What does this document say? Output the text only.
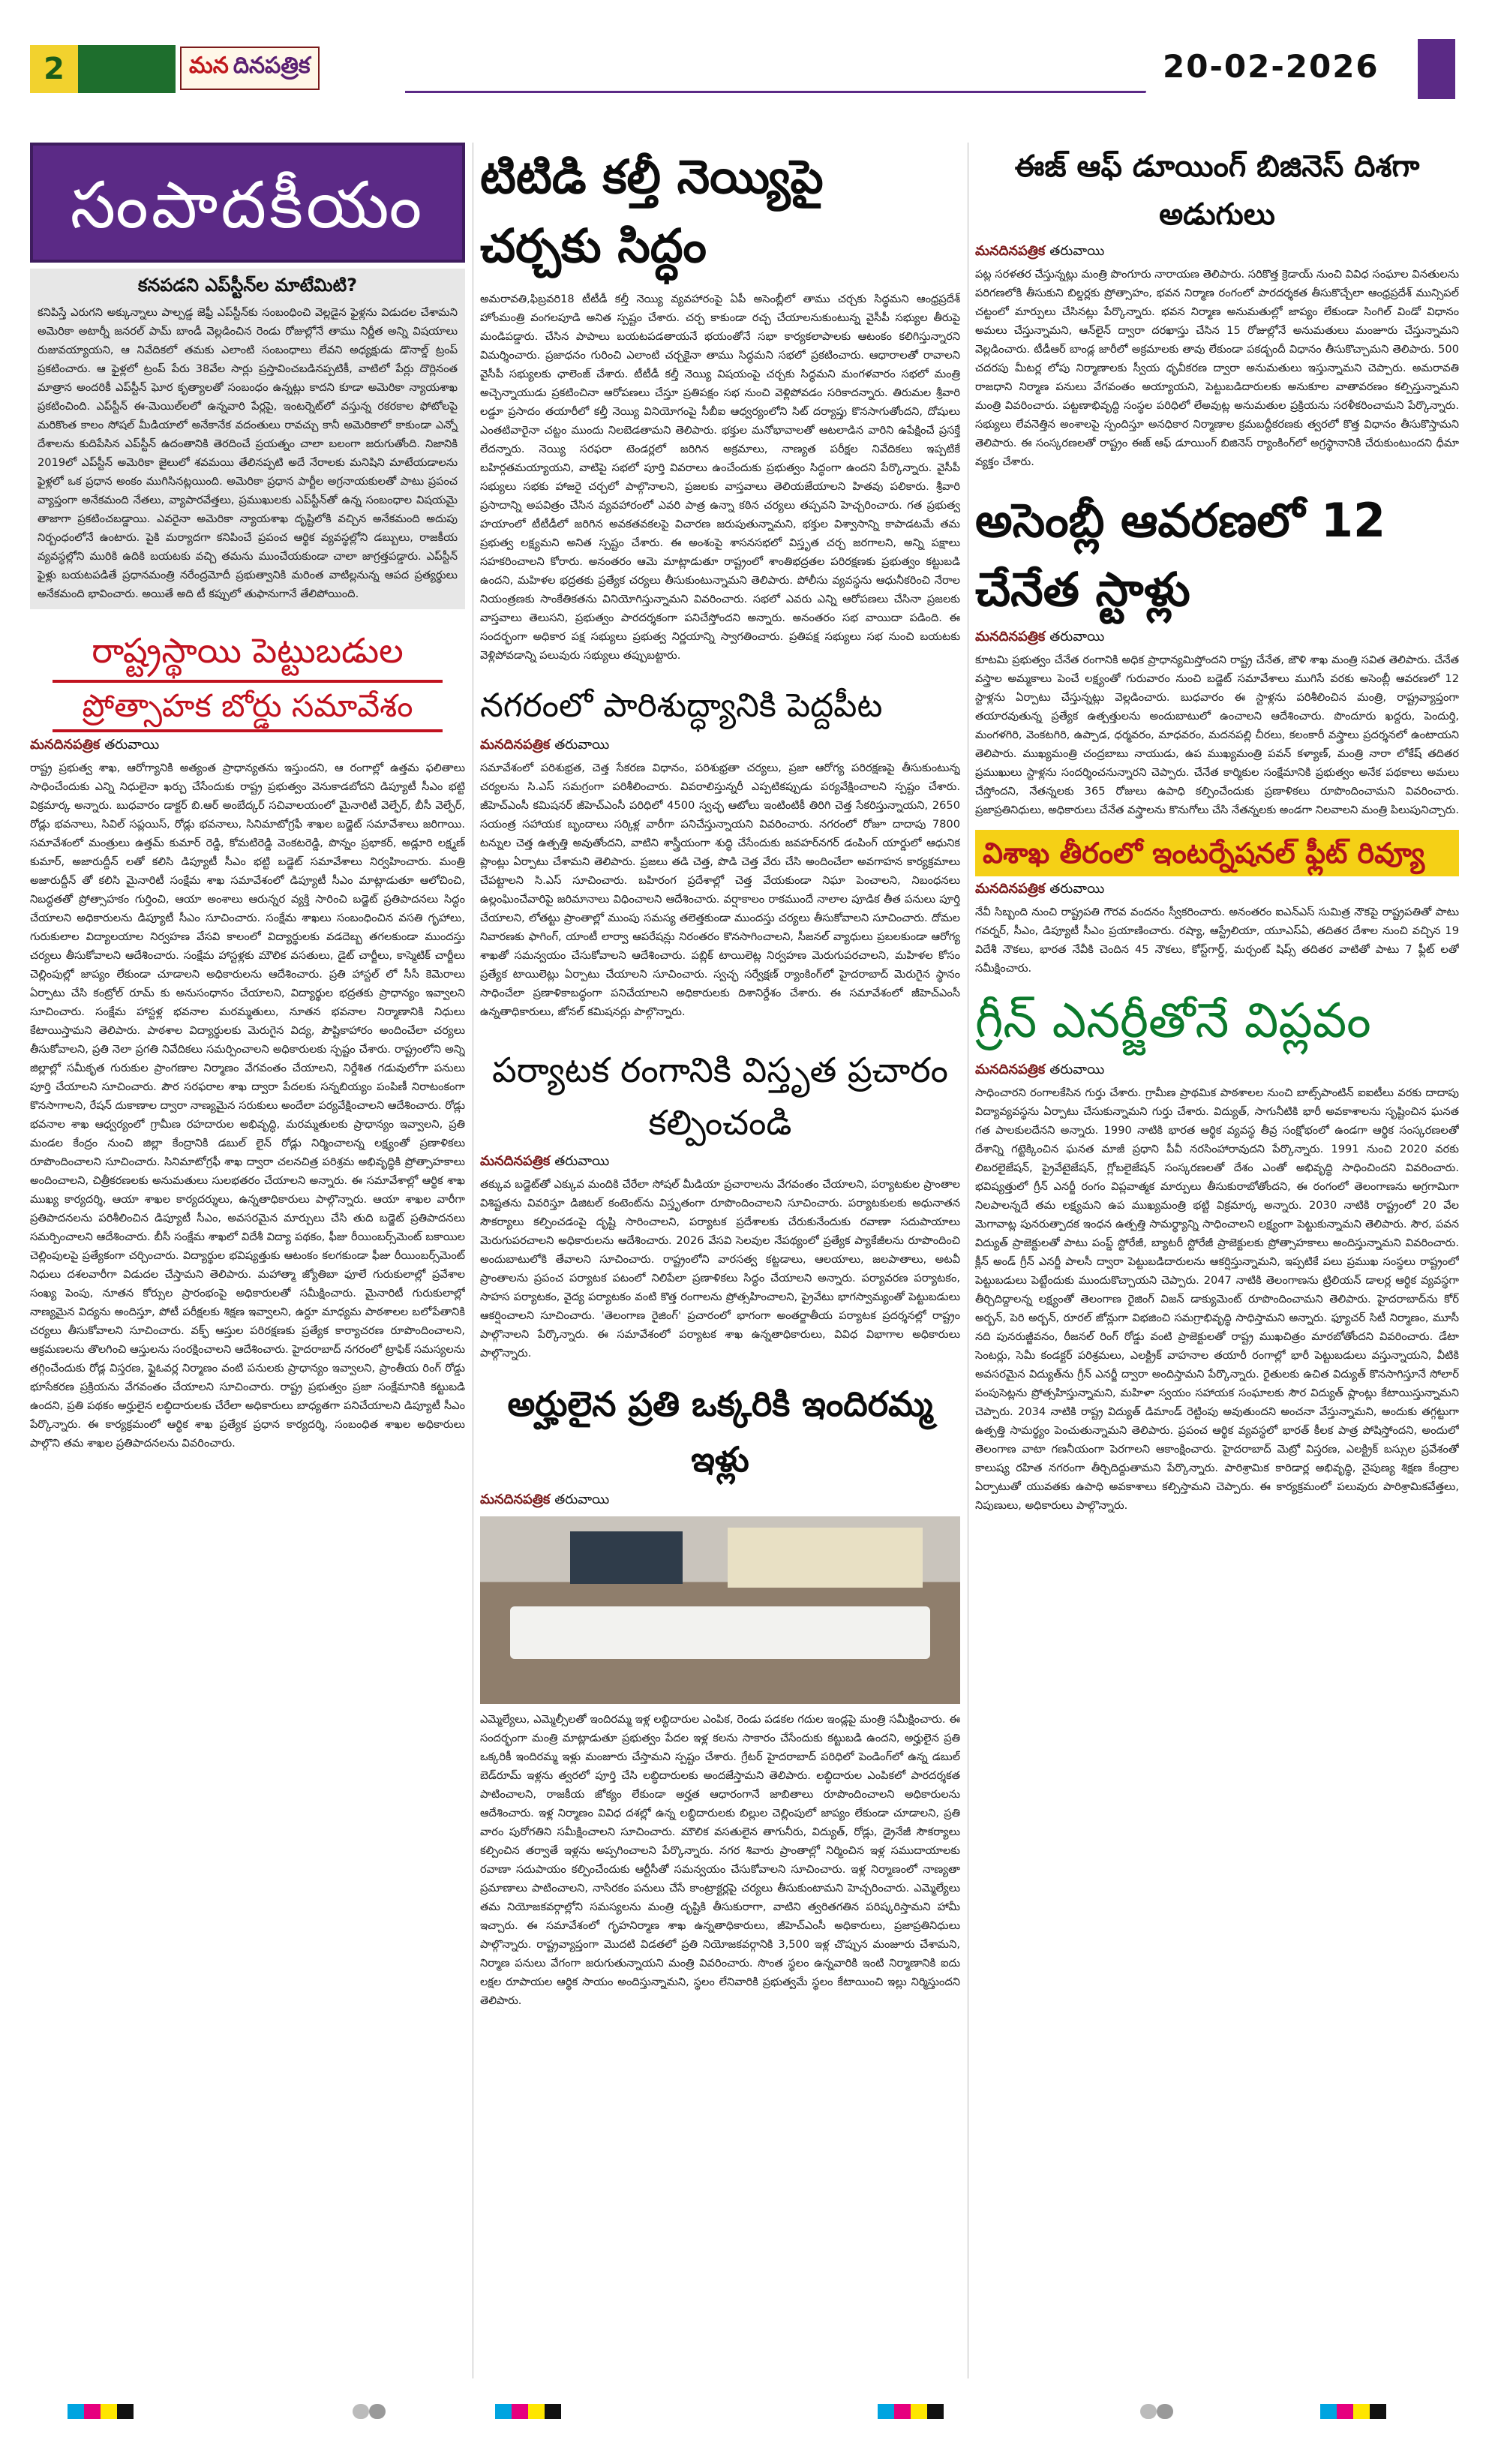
2	మన దినపత్రిక	20-02-2026
సంపాదకీయం
కనపడని ఎప్‌స్టీన్‌ల మాటేమిటి?

కనిపిస్తే ఎరుగని అక్కున్నాలు పాల్పడ్డ జెఫ్రీ ఎప్‌స్టీన్‌కు సంబంధించి వెల్లడైన ఫైళ్లను విడుదల చేశామని అమెరికా అటార్నీ జనరల్ పామ్ బాండీ వెల్లడించిన రెండు రోజుల్లోనే తాము నిర్ణీత అన్ని విషయాలు రుజువయ్యాయని, ఆ నివేదికలో తమకు ఎలాంటి సంబంధాలు లేవని అధ్యక్షుడు డొనాల్డ్ ట్రంప్ ప్రకటించారు. ఆ ఫైళ్లలో ట్రంప్ పేరు 38వేల సార్లు ప్రస్తావించబడినప్పటికీ, వాటిలో పేర్లు దొర్లినంత మాత్రాన అందరికీ ఎప్‌స్టీన్ ఘోర కృత్యాలతో సంబంధం ఉన్నట్లు కాదని కూడా అమెరికా న్యాయశాఖ ప్రకటించింది. ఎప్‌స్టీన్ ఈ-మెయిల్‌లలో ఉన్నవారి పేర్లపై, ఇంటర్నెట్‌లో వస్తున్న రకరకాల ఫోటోలపై మరికొంత కాలం సోషల్ మీడియాలో అనేకానేక వదంతులు రావచ్చు కానీ అమెరికాలో కాకుండా ఎన్నో దేశాలను కుదిపేసిన ఎప్‌స్టీన్ ఉదంతానికి తెరదించే ప్రయత్నం చాలా బలంగా జరుగుతోంది. నిజానికి 2019లో ఎప్‌స్టీన్ అమెరికా జైలులో శవమయి తేలినప్పటి అదే నేరాలకు మనిషిని మాటేయడాలను ఫైళ్లలో ఒక ప్రధాన అంకం ముగిసినట్లయింది. అమెరికా ప్రధాన పార్టీల అగ్రనాయకులతో పాటు ప్రపంచ వ్యాప్తంగా అనేకమంది నేతలు, వ్యాపారవేత్తలు, ప్రముఖులకు ఎప్‌స్టీన్‌తో ఉన్న సంబంధాల విషయమై తాజాగా ప్రకటించబడ్డాయి. ఎవరైనా అమెరికా న్యాయశాఖ దృష్టిలోకి వచ్చిన అనేకమంది అదుపు నిర్బంధంలోనే ఉంటారు. పైకి మర్యాదగా కనిపించే ప్రపంచ ఆర్థిక వ్యవస్థల్లోని డబ్బులు, రాజకీయ వ్యవస్థల్లోని మురికి ఉదికి బయటకు వచ్చి తమను ముంచేయకుండా చాలా జాగ్రత్తపడ్డారు. ఎప్‌స్టీన్ ఫైళ్లు బయటపడితే ప్రధానమంత్రి నరేంద్రమోదీ ప్రభుత్వానికి మరింత వాటిల్లనున్న ఆపద ప్రత్యర్థులు అనేకమంది భావించారు. అయితే అది టీ కప్పులో తుఫానుగానే తేలిపోయింది.

రాష్ట్రస్థాయి పెట్టుబడుల
ప్రోత్సాహక బోర్డు సమావేశం
మనదినపత్రిక తరువాయి

రాష్ట్ర ప్రభుత్వ శాఖ, ఆరోగ్యానికి అత్యంత ప్రాధాన్యతను ఇస్తుందని, ఆ రంగాల్లో ఉత్తమ ఫలితాలు సాధించేందుకు ఎన్ని నిధులైనా ఖర్చు చేసేందుకు రాష్ట్ర ప్రభుత్వం వెనుకాడబోదని డిప్యూటీ సీఎం భట్టి విక్రమార్క అన్నారు. బుధవారం డాక్టర్ బి.ఆర్ అంబేద్కర్ సచివాలయంలో మైనారిటీ వెల్ఫేర్, బీసీ వెల్ఫేర్, రోడ్లు భవనాలు, సివిల్ సప్లయిస్, రోడ్లు భవనాలు, సినిమాటోగ్రఫీ శాఖల బడ్జెట్ సమావేశాలు జరిగాయి. సమావేశంలో మంత్రులు ఉత్తమ్ కుమార్ రెడ్డి, కోమటిరెడ్డి వెంకటరెడ్డి, పొన్నం ప్రభాకర్, అడ్లూరి లక్ష్మణ్ కుమార్, అజారుద్దీన్ లతో కలిసి డిప్యూటీ సీఎం భట్టి బడ్జెట్ సమావేశాలు నిర్వహించారు. మంత్రి అజారుద్దీన్ తో కలిసి మైనారిటీ సంక్షేమ శాఖ సమావేశంలో డిప్యూటీ సీఎం మాట్లాడుతూ ఆలోచించి, నిబద్ధతతో ప్రోత్సాహకం గుర్తించి, ఆయా అంశాలు ఆరున్నర వ్యక్తి సారించి బడ్జెట్ ప్రతిపాదనలు సిద్ధం చేయాలని అధికారులను డిప్యూటీ సీఎం సూచించారు. సంక్షేమ శాఖలు సంబంధించిన వసతి గృహాలు, గురుకులాల విద్యాలయాల నిర్వహణ వేసవి కాలంలో విద్యార్థులకు వడదెబ్బ తగలకుండా ముందస్తు చర్యలు తీసుకోవాలని ఆదేశించారు. సంక్షేమ హాస్టళ్లకు మౌలిక వసతులు, డైట్ చార్జీలు, కాస్మెటిక్ చార్జీలు చెల్లింపుల్లో జాప్యం లేకుండా చూడాలని అధికారులను ఆదేశించారు. ప్రతి హాస్టల్ లో సీసీ కెమెరాలు ఏర్పాటు చేసి కంట్రోల్ రూమ్ కు అనుసంధానం చేయాలని, విద్యార్థుల భద్రతకు ప్రాధాన్యం ఇవ్వాలని సూచించారు. సంక్షేమ హాస్టళ్ల భవనాల మరమ్మతులు, నూతన భవనాల నిర్మాణానికి నిధులు కేటాయిస్తామని తెలిపారు. పాఠశాల విద్యార్థులకు మెరుగైన విద్య, పౌష్టికాహారం అందించేలా చర్యలు తీసుకోవాలని, ప్రతి నెలా ప్రగతి నివేదికలు సమర్పించాలని అధికారులకు స్పష్టం చేశారు. రాష్ట్రంలోని అన్ని జిల్లాల్లో సమీకృత గురుకుల ప్రాంగణాల నిర్మాణం వేగవంతం చేయాలని, నిర్దేశిత గడువులోగా పనులు పూర్తి చేయాలని సూచించారు. పౌర సరఫరాల శాఖ ద్వారా పేదలకు సన్నబియ్యం పంపిణీ నిరాటంకంగా కొనసాగాలని, రేషన్ దుకాణాల ద్వారా నాణ్యమైన సరుకులు అందేలా పర్యవేక్షించాలని ఆదేశించారు. రోడ్లు భవనాల శాఖ ఆధ్వర్యంలో గ్రామీణ రహదారుల అభివృద్ధి, మరమ్మతులకు ప్రాధాన్యం ఇవ్వాలని, ప్రతి మండల కేంద్రం నుంచి జిల్లా కేంద్రానికి డబుల్ లైన్ రోడ్లు నిర్మించాలన్న లక్ష్యంతో ప్రణాళికలు రూపొందించాలని సూచించారు. సినిమాటోగ్రఫీ శాఖ ద్వారా చలనచిత్ర పరిశ్రమ అభివృద్ధికి ప్రోత్సాహకాలు అందించాలని, చిత్రీకరణలకు అనుమతులు సులభతరం చేయాలని అన్నారు. ఈ సమావేశాల్లో ఆర్థిక శాఖ ముఖ్య కార్యదర్శి, ఆయా శాఖల కార్యదర్శులు, ఉన్నతాధికారులు పాల్గొన్నారు. ఆయా శాఖల వారీగా ప్రతిపాదనలను పరిశీలించిన డిప్యూటీ సీఎం, అవసరమైన మార్పులు చేసి తుది బడ్జెట్ ప్రతిపాదనలు సమర్పించాలని ఆదేశించారు. బీసీ సంక్షేమ శాఖలో విదేశీ విద్యా పథకం, ఫీజు రీయింబర్స్‌మెంట్ బకాయిల చెల్లింపులపై ప్రత్యేకంగా చర్చించారు. విద్యార్థుల భవిష్యత్తుకు ఆటంకం కలగకుండా ఫీజు రీయింబర్స్‌మెంట్ నిధులు దశలవారీగా విడుదల చేస్తామని తెలిపారు. మహాత్మా జ్యోతిబా ఫూలే గురుకులాల్లో ప్రవేశాల సంఖ్య పెంపు, నూతన కోర్సుల ప్రారంభంపై అధికారులతో సమీక్షించారు. మైనారిటీ గురుకులాల్లో నాణ్యమైన విద్యను అందిస్తూ, పోటీ పరీక్షలకు శిక్షణ ఇవ్వాలని, ఉర్దూ మాధ్యమ పాఠశాలల బలోపేతానికి చర్యలు తీసుకోవాలని సూచించారు. వక్ఫ్ ఆస్తుల పరిరక్షణకు ప్రత్యేక కార్యాచరణ రూపొందించాలని, ఆక్రమణలను తొలగించి ఆస్తులను సంరక్షించాలని ఆదేశించారు. హైదరాబాద్ నగరంలో ట్రాఫిక్ సమస్యలను తగ్గించేందుకు రోడ్ల విస్తరణ, ఫ్లైఓవర్ల నిర్మాణం వంటి పనులకు ప్రాధాన్యం ఇవ్వాలని, ప్రాంతీయ రింగ్ రోడ్డు భూసేకరణ ప్రక్రియను వేగవంతం చేయాలని సూచించారు. రాష్ట్ర ప్రభుత్వం ప్రజా సంక్షేమానికి కట్టుబడి ఉందని, ప్రతి పథకం అర్హులైన లబ్ధిదారులకు చేరేలా అధికారులు బాధ్యతగా పనిచేయాలని డిప్యూటీ సీఎం పేర్కొన్నారు. ఈ కార్యక్రమంలో ఆర్థిక శాఖ ప్రత్యేక ప్రధాన కార్యదర్శి, సంబంధిత శాఖల అధికారులు పాల్గొని తమ శాఖల ప్రతిపాదనలను వివరించారు.

టిటిడి కల్తీ నెయ్యిపై చర్చకు సిద్ధం

అమరావతి,ఫిబ్రవరి18 టీటీడీ కల్తీ నెయ్యి వ్యవహారంపై ఏపీ అసెంబ్లీలో తాము చర్చకు సిద్ధమని ఆంధ్రప్రదేశ్ హోంమంత్రి వంగలపూడి అనిత స్పష్టం చేశారు. చర్చ కాకుండా రచ్చ చేయాలనుకుంటున్న వైసీపీ సభ్యుల తీరుపై మండిపడ్డారు. చేసిన పాపాలు బయటపడతాయనే భయంతోనే సభా కార్యకలాపాలకు ఆటంకం కలిగిస్తున్నారని విమర్శించారు. ప్రజాధనం గురించి ఎలాంటి చర్చకైనా తాము సిద్ధమని సభలో ప్రకటించారు. ఆధారాలతో రావాలని వైసీపీ సభ్యులకు ఛాలెంజ్ చేశారు. టీటీడీ కల్తీ నెయ్యి విషయంపై చర్చకు సిద్ధమని మంగళవారం సభలో మంత్రి అచ్చెన్నాయుడు ప్రకటించినా ఆరోపణలు చేస్తూ ప్రతిపక్షం సభ నుంచి వెళ్లిపోవడం సరికాదన్నారు. తిరుమల శ్రీవారి లడ్డూ ప్రసాదం తయారీలో కల్తీ నెయ్యి వినియోగంపై సీబీఐ ఆధ్వర్యంలోని సిట్ దర్యాప్తు కొనసాగుతోందని, దోషులు ఎంతటివారైనా చట్టం ముందు నిలబెడతామని తెలిపారు. భక్తుల మనోభావాలతో ఆటలాడిన వారిని ఉపేక్షించే ప్రసక్తే లేదన్నారు. నెయ్యి సరఫరా టెండర్లలో జరిగిన అక్రమాలు, నాణ్యత పరీక్షల నివేదికలు ఇప్పటికే బహిర్గతమయ్యాయని, వాటిపై సభలో పూర్తి వివరాలు ఉంచేందుకు ప్రభుత్వం సిద్ధంగా ఉందని పేర్కొన్నారు. వైసీపీ సభ్యులు సభకు హాజరై చర్చలో పాల్గొనాలని, ప్రజలకు వాస్తవాలు తెలియజేయాలని హితవు పలికారు. శ్రీవారి ప్రసాదాన్ని అపవిత్రం చేసిన వ్యవహారంలో ఎవరి పాత్ర ఉన్నా కఠిన చర్యలు తప్పవని హెచ్చరించారు. గత ప్రభుత్వ హయాంలో టీటీడీలో జరిగిన అవకతవకలపై విచారణ జరుపుతున్నామని, భక్తుల విశ్వాసాన్ని కాపాడటమే తమ ప్రభుత్వ లక్ష్యమని అనిత స్పష్టం చేశారు. ఈ అంశంపై శాసనసభలో విస్తృత చర్చ జరగాలని, అన్ని పక్షాలు సహకరించాలని కోరారు. అనంతరం ఆమె మాట్లాడుతూ రాష్ట్రంలో శాంతిభద్రతల పరిరక్షణకు ప్రభుత్వం కట్టుబడి ఉందని, మహిళల భద్రతకు ప్రత్యేక చర్యలు తీసుకుంటున్నామని తెలిపారు. పోలీసు వ్యవస్థను ఆధునీకరించి నేరాల నియంత్రణకు సాంకేతికతను వినియోగిస్తున్నామని వివరించారు. సభలో ఎవరు ఎన్ని ఆరోపణలు చేసినా ప్రజలకు వాస్తవాలు తెలుసని, ప్రభుత్వం పారదర్శకంగా పనిచేస్తోందని అన్నారు. అనంతరం సభ వాయిదా పడింది. ఈ సందర్భంగా అధికార పక్ష సభ్యులు ప్రభుత్వ నిర్ణయాన్ని స్వాగతించారు. ప్రతిపక్ష సభ్యులు సభ నుంచి బయటకు వెళ్లిపోవడాన్ని పలువురు సభ్యులు తప్పుబట్టారు.

నగరంలో పారిశుద్ధ్యానికి పెద్దపీట
మనదినపత్రిక తరువాయి

సమావేశంలో పరిశుభ్రత, చెత్త సేకరణ విధానం, పరిశుభ్రతా చర్యలు, ప్రజా ఆరోగ్య పరిరక్షణపై తీసుకుంటున్న చర్యలను సి.ఎస్ సమగ్రంగా పరిశీలించారు. వివరాలిస్తున్నరీ ఎప్పటికప్పుడు పర్యవేక్షించాలని స్పష్టం చేశారు. జీహెచ్ఎంసీ కమిషనర్ జీహెచ్ఎంసీ పరిధిలో 4500 స్వచ్ఛ ఆటోలు ఇంటింటికీ తిరిగి చెత్త సేకరిస్తున్నాయని, 2650 సయంత్ర సహాయక బృందాలు సర్కిళ్ల వారీగా పనిచేస్తున్నాయని వివరించారు. నగరంలో రోజూ దాదాపు 7800 టన్నుల చెత్త ఉత్పత్తి అవుతోందని, వాటిని శాస్త్రీయంగా శుద్ధి చేసేందుకు జవహర్‌నగర్ డంపింగ్ యార్డులో ఆధునిక ప్లాంట్లు ఏర్పాటు చేశామని తెలిపారు. ప్రజలు తడి చెత్త, పొడి చెత్త వేరు చేసి అందించేలా అవగాహన కార్యక్రమాలు చేపట్టాలని సి.ఎస్ సూచించారు. బహిరంగ ప్రదేశాల్లో చెత్త వేయకుండా నిఘా పెంచాలని, నిబంధనలు ఉల్లంఘించేవారిపై జరిమానాలు విధించాలని ఆదేశించారు. వర్షాకాలం రాకముందే నాలాల పూడిక తీత పనులు పూర్తి చేయాలని, లోతట్టు ప్రాంతాల్లో ముంపు సమస్య తలెత్తకుండా ముందస్తు చర్యలు తీసుకోవాలని సూచించారు. దోమల నివారణకు ఫాగింగ్, యాంటీ లార్వా ఆపరేషన్లు నిరంతరం కొనసాగించాలని, సీజనల్ వ్యాధులు ప్రబలకుండా ఆరోగ్య శాఖతో సమన్వయం చేసుకోవాలని ఆదేశించారు. పబ్లిక్ టాయిలెట్ల నిర్వహణ మెరుగుపరచాలని, మహిళల కోసం ప్రత్యేక టాయిలెట్లు ఏర్పాటు చేయాలని సూచించారు. స్వచ్ఛ సర్వేక్షణ్ ర్యాంకింగ్‌లో హైదరాబాద్ మెరుగైన స్థానం సాధించేలా ప్రణాళికాబద్ధంగా పనిచేయాలని అధికారులకు దిశానిర్దేశం చేశారు. ఈ సమావేశంలో జీహెచ్ఎంసీ ఉన్నతాధికారులు, జోనల్ కమిషనర్లు పాల్గొన్నారు.

పర్యాటక రంగానికి విస్తృత ప్రచారం కల్పించండి
మనదినపత్రిక తరువాయి

తక్కువ బడ్జెట్‌తో ఎక్కువ మందికి చేరేలా సోషల్ మీడియా ప్రచారాలను వేగవంతం చేయాలని, పర్యాటకుల ప్రాంతాల విశిష్టతను వివరిస్తూ డిజిటల్ కంటెంట్‌ను విస్తృతంగా రూపొందించాలని సూచించారు. పర్యాటకులకు అధునాతన సౌకర్యాలు కల్పించడంపై దృష్టి సారించాలని, పర్యాటక ప్రదేశాలకు చేరుకునేందుకు రవాణా సదుపాయాలు మెరుగుపరచాలని అధికారులను ఆదేశించారు. 2026 వేసవి సెలవుల నేపథ్యంలో ప్రత్యేక ప్యాకేజీలను రూపొందించి అందుబాటులోకి తేవాలని సూచించారు. రాష్ట్రంలోని వారసత్వ కట్టడాలు, ఆలయాలు, జలపాతాలు, అటవీ ప్రాంతాలను ప్రపంచ పర్యాటక పటంలో నిలిపేలా ప్రణాళికలు సిద్ధం చేయాలని అన్నారు. పర్యావరణ పర్యాటకం, సాహస పర్యాటకం, వైద్య పర్యాటకం వంటి కొత్త రంగాలను ప్రోత్సహించాలని, ప్రైవేటు భాగస్వామ్యంతో పెట్టుబడులు ఆకర్షించాలని సూచించారు. 'తెలంగాణ రైజింగ్' ప్రచారంలో భాగంగా అంతర్జాతీయ పర్యాటక ప్రదర్శనల్లో రాష్ట్రం పాల్గొనాలని పేర్కొన్నారు. ఈ సమావేశంలో పర్యాటక శాఖ ఉన్నతాధికారులు, వివిధ విభాగాల అధికారులు పాల్గొన్నారు.

అర్హులైన ప్రతి ఒక్కరికి ఇందిరమ్మ ఇళ్లు
మనదినపత్రిక తరువాయి

ఎమ్మెల్యేలు, ఎమ్మెల్సీలతో ఇందిరమ్మ ఇళ్ల లబ్ధిదారుల ఎంపిక, రెండు పడకల గదుల ఇండ్లపై మంత్రి సమీక్షించారు. ఈ సందర్భంగా మంత్రి మాట్లాడుతూ ప్రభుత్వం పేదల ఇళ్ల కలను సాకారం చేసేందుకు కట్టుబడి ఉందని, అర్హులైన ప్రతి ఒక్కరికీ ఇందిరమ్మ ఇళ్లు మంజూరు చేస్తామని స్పష్టం చేశారు. గ్రేటర్ హైదరాబాద్ పరిధిలో పెండింగ్‌లో ఉన్న డబుల్ బెడ్‌రూమ్ ఇళ్లను త్వరలో పూర్తి చేసి లబ్ధిదారులకు అందజేస్తామని తెలిపారు. లబ్ధిదారుల ఎంపికలో పారదర్శకత పాటించాలని, రాజకీయ జోక్యం లేకుండా అర్హత ఆధారంగానే జాబితాలు రూపొందించాలని అధికారులను ఆదేశించారు. ఇళ్ల నిర్మాణం వివిధ దశల్లో ఉన్న లబ్ధిదారులకు బిల్లుల చెల్లింపులో జాప్యం లేకుండా చూడాలని, ప్రతి వారం పురోగతిని సమీక్షించాలని సూచించారు. మౌలిక వసతులైన తాగునీరు, విద్యుత్, రోడ్లు, డ్రైనేజీ సౌకర్యాలు కల్పించిన తర్వాతే ఇళ్లను అప్పగించాలని పేర్కొన్నారు. నగర శివారు ప్రాంతాల్లో నిర్మించిన ఇళ్ల సముదాయాలకు రవాణా సదుపాయం కల్పించేందుకు ఆర్టీసీతో సమన్వయం చేసుకోవాలని సూచించారు. ఇళ్ల నిర్మాణంలో నాణ్యతా ప్రమాణాలు పాటించాలని, నాసిరకం పనులు చేసే కాంట్రాక్టర్లపై చర్యలు తీసుకుంటామని హెచ్చరించారు. ఎమ్మెల్యేలు తమ నియోజకవర్గాల్లోని సమస్యలను మంత్రి దృష్టికి తీసుకురాగా, వాటిని త్వరితగతిన పరిష్కరిస్తామని హామీ ఇచ్చారు. ఈ సమావేశంలో గృహనిర్మాణ శాఖ ఉన్నతాధికారులు, జీహెచ్ఎంసీ అధికారులు, ప్రజాప్రతినిధులు పాల్గొన్నారు. రాష్ట్రవ్యాప్తంగా మొదటి విడతలో ప్రతి నియోజకవర్గానికి 3,500 ఇళ్ల చొప్పున మంజూరు చేశామని, నిర్మాణ పనులు వేగంగా జరుగుతున్నాయని మంత్రి వివరించారు. సొంత స్థలం ఉన్నవారికి ఇంటి నిర్మాణానికి ఐదు లక్షల రూపాయల ఆర్థిక సాయం అందిస్తున్నామని, స్థలం లేనివారికి ప్రభుత్వమే స్థలం కేటాయించి ఇల్లు నిర్మిస్తుందని తెలిపారు.

ఈజ్ ఆఫ్ డూయింగ్ బిజినెస్ దిశగా అడుగులు
మనదినపత్రిక తరువాయి

పట్ల సరళతర చేస్తున్నట్లు మంత్రి పొంగూరు నారాయణ తెలిపారు. సరికొత్త క్రెడాయ్ నుంచి వివిధ సంఘాల వినతులను పరిగణలోకి తీసుకుని బిల్డర్లకు ప్రోత్సాహం, భవన నిర్మాణ రంగంలో పారదర్శకత తీసుకొచ్చేలా ఆంధ్రప్రదేశ్ మున్సిపల్ చట్టంలో మార్పులు చేసినట్లు పేర్కొన్నారు. భవన నిర్మాణ అనుమతుల్లో జాప్యం లేకుండా సింగిల్ విండో విధానం అమలు చేస్తున్నామని, ఆన్‌లైన్ ద్వారా దరఖాస్తు చేసిన 15 రోజుల్లోనే అనుమతులు మంజూరు చేస్తున్నామని వెల్లడించారు. టీడీఆర్ బాండ్ల జారీలో అక్రమాలకు తావు లేకుండా పకడ్బందీ విధానం తీసుకొచ్చామని తెలిపారు. 500 చదరపు మీటర్ల లోపు నిర్మాణాలకు స్వీయ ధృవీకరణ ద్వారా అనుమతులు ఇస్తున్నామని చెప్పారు. అమరావతి రాజధాని నిర్మాణ పనులు వేగవంతం అయ్యాయని, పెట్టుబడిదారులకు అనుకూల వాతావరణం కల్పిస్తున్నామని మంత్రి వివరించారు. పట్టణాభివృద్ధి సంస్థల పరిధిలో లేఅవుట్ల అనుమతుల ప్రక్రియను సరళీకరించామని పేర్కొన్నారు. సభ్యులు లేవనెత్తిన అంశాలపై స్పందిస్తూ అనధికార నిర్మాణాల క్రమబద్ధీకరణకు త్వరలో కొత్త విధానం తీసుకొస్తామని తెలిపారు. ఈ సంస్కరణలతో రాష్ట్రం ఈజ్ ఆఫ్ డూయింగ్ బిజినెస్ ర్యాంకింగ్‌లో అగ్రస్థానానికి చేరుకుంటుందని ధీమా వ్యక్తం చేశారు.

అసెంబ్లీ ఆవరణలో 12 చేనేత స్టాళ్లు
మనదినపత్రిక తరువాయి

కూటమి ప్రభుత్వం చేనేత రంగానికి అధిక ప్రాధాన్యమిస్తోందని రాష్ట్ర చేనేత, జౌళి శాఖ మంత్రి సవిత తెలిపారు. చేనేత వస్త్రాల అమ్మకాలు పెంచే లక్ష్యంతో గురువారం నుంచి బడ్జెట్ సమావేశాలు ముగిసే వరకు అసెంబ్లీ ఆవరణలో 12 స్టాళ్లను ఏర్పాటు చేస్తున్నట్లు వెల్లడించారు. బుధవారం ఈ స్టాళ్లను పరిశీలించిన మంత్రి, రాష్ట్రవ్యాప్తంగా తయారవుతున్న ప్రత్యేక ఉత్పత్తులను అందుబాటులో ఉంచాలని ఆదేశించారు. పొందూరు ఖద్దరు, పెందుర్తి, మంగళగిరి, వెంకటగిరి, ఉప్పాడ, ధర్మవరం, మాధవరం, మదనపల్లి చీరలు, కలంకారీ వస్త్రాలు ప్రదర్శనలో ఉంటాయని తెలిపారు. ముఖ్యమంత్రి చంద్రబాబు నాయుడు, ఉప ముఖ్యమంత్రి పవన్ కళ్యాణ్, మంత్రి నారా లోకేష్ తదితర ప్రముఖులు స్టాళ్లను సందర్శించనున్నారని చెప్పారు. చేనేత కార్మికుల సంక్షేమానికి ప్రభుత్వం అనేక పథకాలు అమలు చేస్తోందని, నేతన్నలకు 365 రోజులు ఉపాధి కల్పించేందుకు ప్రణాళికలు రూపొందించామని వివరించారు. ప్రజాప్రతినిధులు, అధికారులు చేనేత వస్త్రాలను కొనుగోలు చేసి నేతన్నలకు అండగా నిలవాలని మంత్రి పిలుపునిచ్చారు.

విశాఖ తీరంలో ఇంటర్నేషనల్ ఫ్లీట్ రివ్యూ
మనదినపత్రిక తరువాయి

నేవీ సిబ్బంది నుంచి రాష్ట్రపతి గౌరవ వందనం స్వీకరించారు. అనంతరం ఐఎన్ఎస్ సుమిత్ర నౌకపై రాష్ట్రపతితో పాటు గవర్నర్, సీఎం, డిప్యూటీ సీఎం ప్రయాణించారు. రష్యా, ఆస్ట్రేలియా, యూఎస్ఏ, తదితర దేశాల నుంచి వచ్చిన 19 విదేశీ నౌకలు, భారత నేవీకి చెందిన 45 నౌకలు, కోస్ట్‌గార్డ్, మర్చంట్ షిప్స్ తదితర వాటితో పాటు 7 ఫ్లీట్ లతో సమీక్షించారు.

గ్రీన్ ఎనర్జీతోనే విప్లవం
మనదినపత్రిక తరువాయి

సాధించారని రంగాలకేసిన గుర్తు చేశారు. గ్రామీణ ప్రాథమిక పాఠశాలల నుంచి బాట్స్‌పాంటిన్‌ ఐఐటీలు వరకు దాదాపు విద్యావ్యవస్థను ఏర్పాటు చేసుకున్నామని గుర్తు చేశారు. విద్యుత్, సాగునీటికి భారీ అవకాశాలను సృష్టించిన ఘనత గత పాలకులదేనని అన్నారు. 1990 నాటికి భారత ఆర్థిక వ్యవస్థ తీవ్ర సంక్షోభంలో ఉండగా ఆర్థిక సంస్కరణలతో దేశాన్ని గట్టెక్కించిన ఘనత మాజీ ప్రధాని పీవీ నరసింహారావుదని పేర్కొన్నారు. 1991 నుంచి 2020 వరకు లిబరలైజేషన్, ప్రైవేటైజేషన్, గ్లోబలైజేషన్ సంస్కరణలతో దేశం ఎంతో అభివృద్ధి సాధించిందని వివరించారు. భవిష్యత్తులో గ్రీన్ ఎనర్జీ రంగం విప్లవాత్మక మార్పులు తీసుకురాబోతోందని, ఈ రంగంలో తెలంగాణను అగ్రగామిగా నిలపాలన్నదే తమ లక్ష్యమని ఉప ముఖ్యమంత్రి భట్టి విక్రమార్క అన్నారు. 2030 నాటికి రాష్ట్రంలో 20 వేల మెగావాట్ల పునరుత్పాదక ఇంధన ఉత్పత్తి సామర్థ్యాన్ని సాధించాలని లక్ష్యంగా పెట్టుకున్నామని తెలిపారు. సౌర, పవన విద్యుత్ ప్రాజెక్టులతో పాటు పంప్డ్ స్టోరేజీ, బ్యాటరీ స్టోరేజీ ప్రాజెక్టులకు ప్రోత్సాహకాలు అందిస్తున్నామని వివరించారు. క్లీన్ అండ్ గ్రీన్ ఎనర్జీ పాలసీ ద్వారా పెట్టుబడిదారులను ఆకర్షిస్తున్నామని, ఇప్పటికే పలు ప్రముఖ సంస్థలు రాష్ట్రంలో పెట్టుబడులు పెట్టేందుకు ముందుకొచ్చాయని చెప్పారు. 2047 నాటికి తెలంగాణను ట్రిలియన్ డాలర్ల ఆర్థిక వ్యవస్థగా తీర్చిదిద్దాలన్న లక్ష్యంతో తెలంగాణ రైజింగ్ విజన్ డాక్యుమెంట్ రూపొందించామని తెలిపారు. హైదరాబాద్‌ను కోర్ అర్బన్, పెరి అర్బన్, రూరల్ జోన్లుగా విభజించి సమగ్రాభివృద్ధి సాధిస్తామని అన్నారు. ఫ్యూచర్ సిటీ నిర్మాణం, మూసీ నది పునరుజ్జీవనం, రీజనల్ రింగ్ రోడ్డు వంటి ప్రాజెక్టులతో రాష్ట్ర ముఖచిత్రం మారబోతోందని వివరించారు. డేటా సెంటర్లు, సెమీ కండక్టర్ పరిశ్రమలు, ఎలక్ట్రిక్ వాహనాల తయారీ రంగాల్లో భారీ పెట్టుబడులు వస్తున్నాయని, వీటికి అవసరమైన విద్యుత్‌ను గ్రీన్ ఎనర్జీ ద్వారా అందిస్తామని పేర్కొన్నారు. రైతులకు ఉచిత విద్యుత్ కొనసాగిస్తూనే సోలార్ పంపుసెట్లను ప్రోత్సహిస్తున్నామని, మహిళా స్వయం సహాయక సంఘాలకు సౌర విద్యుత్ ప్లాంట్లు కేటాయిస్తున్నామని చెప్పారు. 2034 నాటికి రాష్ట్ర విద్యుత్ డిమాండ్ రెట్టింపు అవుతుందని అంచనా వేస్తున్నామని, అందుకు తగ్గట్టుగా ఉత్పత్తి సామర్థ్యం పెంచుతున్నామని తెలిపారు. ప్రపంచ ఆర్థిక వ్యవస్థలో భారత్ కీలక పాత్ర పోషిస్తోందని, అందులో తెలంగాణ వాటా గణనీయంగా పెరగాలని ఆకాంక్షించారు. హైదరాబాద్ మెట్రో విస్తరణ, ఎలక్ట్రిక్ బస్సుల ప్రవేశంతో కాలుష్య రహిత నగరంగా తీర్చిదిద్దుతామని పేర్కొన్నారు. పారిశ్రామిక కారిడార్ల అభివృద్ధి, నైపుణ్య శిక్షణ కేంద్రాల ఏర్పాటుతో యువతకు ఉపాధి అవకాశాలు కల్పిస్తామని చెప్పారు. ఈ కార్యక్రమంలో పలువురు పారిశ్రామికవేత్తలు, నిపుణులు, అధికారులు పాల్గొన్నారు.
